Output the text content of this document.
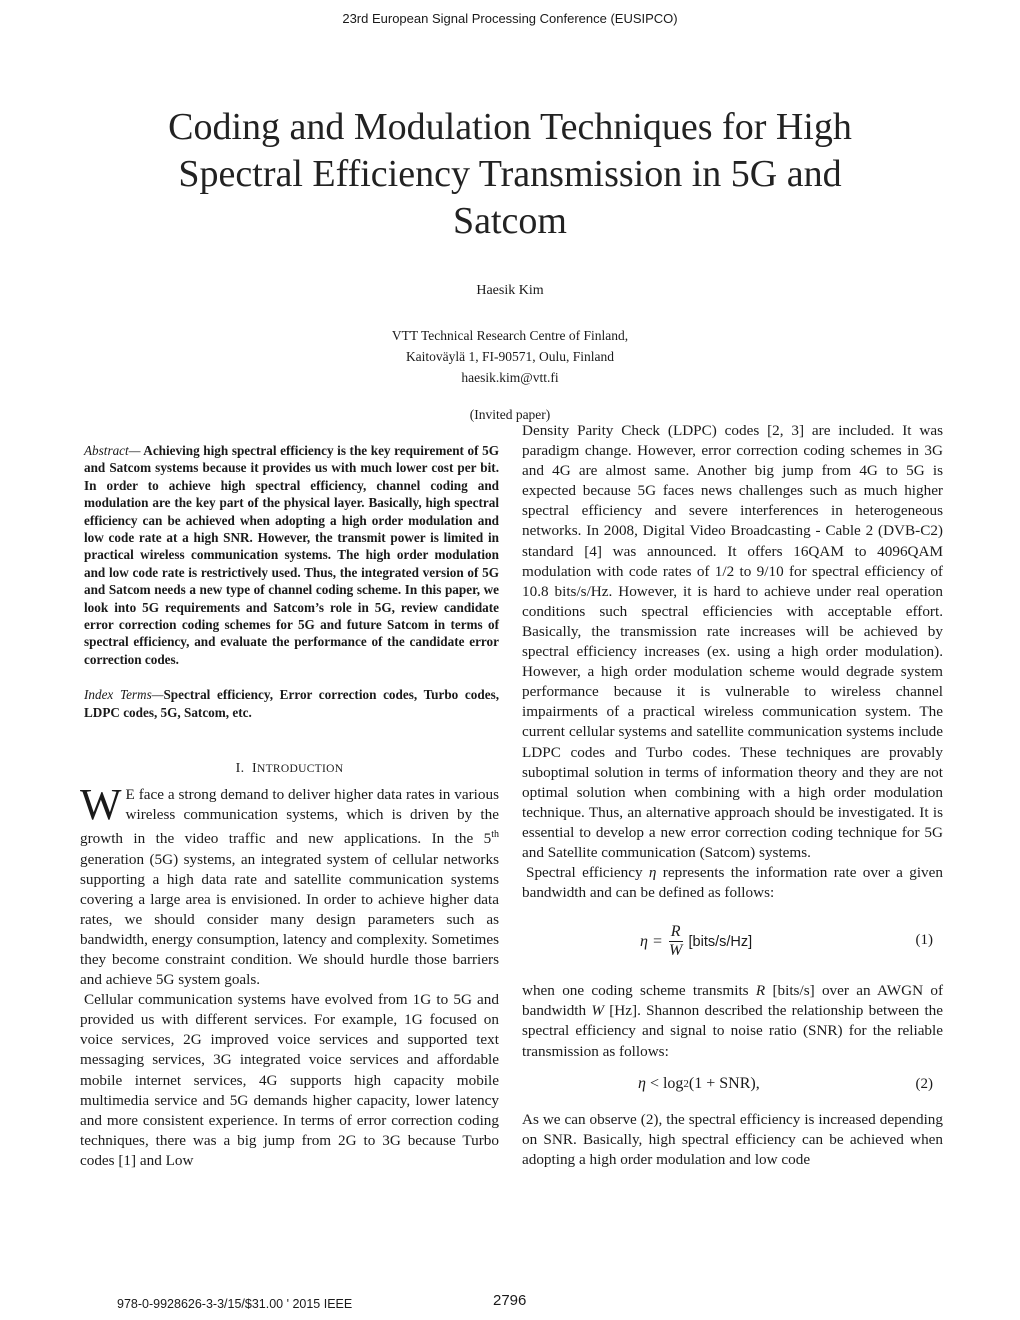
23rd European Signal Processing Conference (EUSIPCO)
Coding and Modulation Techniques for High
Spectral Efficiency Transmission in 5G and
Satcom
Haesik Kim
VTT Technical Research Centre of Finland,
Kaitoväylä 1, FI-90571, Oulu, Finland
haesik.kim@vtt.fi
(Invited paper)
Abstract— Achieving high spectral efficiency is the key requirement of 5G and Satcom systems because it provides us with much lower cost per bit. In order to achieve high spectral efficiency, channel coding and modulation are the key part of the physical layer. Basically, high spectral efficiency can be achieved when adopting a high order modulation and low code rate at a high SNR. However, the transmit power is limited in practical wireless communication systems. The high order modulation and low code rate is restrictively used. Thus, the integrated version of 5G and Satcom needs a new type of channel coding scheme. In this paper, we look into 5G requirements and Satcom’s role in 5G, review candidate error correction coding schemes for 5G and future Satcom in terms of spectral efficiency, and evaluate the performance of the candidate error correction codes.
Index Terms—Spectral efficiency, Error correction codes, Turbo codes, LDPC codes, 5G, Satcom, etc.
I. INTRODUCTION

W E face a strong demand to deliver higher data rates in various wireless communication systems, which is driven by the growth in the video traffic and new applications. In the 5th generation (5G) systems, an integrated system of cellular networks supporting a high data rate and satellite communication systems covering a large area is envisioned. In order to achieve higher data rates, we should consider many design parameters such as bandwidth, energy consumption, latency and complexity. Sometimes they become constraint condition. We should hurdle those barriers and achieve 5G system goals.

Cellular communication systems have evolved from 1G to 5G and provided us with different services. For example, 1G focused on voice services, 2G improved voice services and supported text messaging services, 3G integrated voice services and affordable mobile internet services, 4G supports high capacity mobile multimedia service and 5G demands higher capacity, lower latency and more consistent experience. In terms of error correction coding techniques, there was a big jump from 2G to 3G because Turbo codes [1] and Low

Density Parity Check (LDPC) codes [2, 3] are included. It was paradigm change. However, error correction coding schemes in 3G and 4G are almost same. Another big jump from 4G to 5G is expected because 5G faces news challenges such as much higher spectral efficiency and severe interferences in heterogeneous networks. In 2008, Digital Video Broadcasting - Cable 2 (DVB-C2) standard [4] was announced. It offers 16QAM to 4096QAM modulation with code rates of 1/2 to 9/10 for spectral efficiency of 10.8 bits/s/Hz. However, it is hard to achieve under real operation conditions such spectral efficiencies with acceptable effort. Basically, the transmission rate increases will be achieved by spectral efficiency increases (ex. using a high order modulation). However, a high order modulation scheme would degrade system performance because it is vulnerable to wireless channel impairments of a practical wireless communication system. The current cellular systems and satellite communication systems include LDPC codes and Turbo codes. These techniques are provably suboptimal solution in terms of information theory and they are not optimal solution when combining with a high order modulation technique. Thus, an alternative approach should be investigated. It is essential to develop a new error correction coding technique for 5G and Satellite communication (Satcom) systems.

Spectral efficiency η represents the information rate over a given bandwidth and can be defined as follows:

$\eta = \frac{R}{W}$ [bits/s/Hz]	(1)

when one coding scheme transmits R [bits/s] over an AWGN of bandwidth W [Hz]. Shannon described the relationship between the spectral efficiency and signal to noise ratio (SNR) for the reliable transmission as follows:

η < log 2 (1 + SNR),	(2)

As we can observe (2), the spectral efficiency is increased depending on SNR. Basically, high spectral efficiency can be achieved when adopting a high order modulation and low code

978-0-9928626-3-3/15/$31.00 ' 2015 IEEE	2796
